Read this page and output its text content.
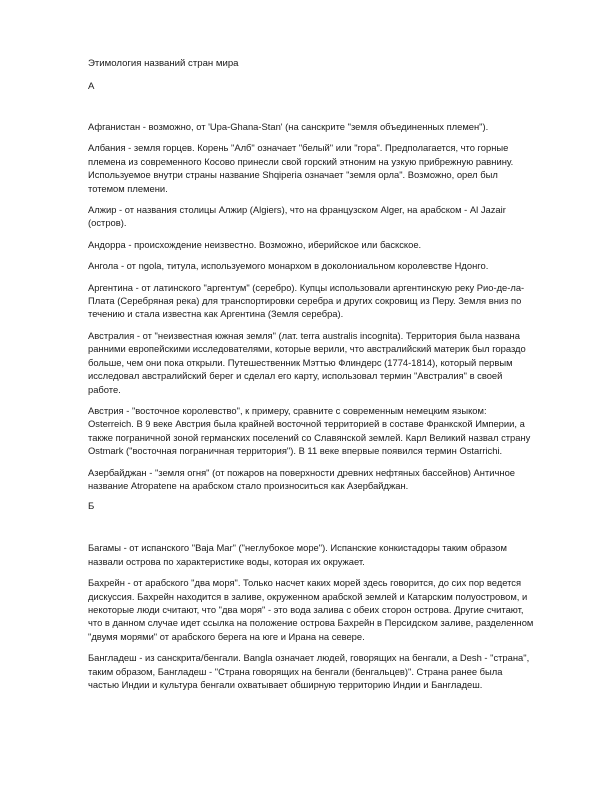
Этимология названий стран мира

А

Афганистан - возможно, от 'Upa-Ghana-Stan' (на санскрите "земля объединенных племен").

Албания - земля горцев. Корень "Алб" означает "белый" или "гора". Предполагается, что горные племена из современного Косово принесли свой горский этноним на узкую прибрежную равнину. Используемое внутри страны название Shqiperia означает "земля орла". Возможно, орел был тотемом племени.

Алжир - от названия столицы Алжир (Algiers), что на французском Alger, на арабском - Al Jazair (остров).

Андорра - происхождение неизвестно. Возможно, иберийское или баскское.

Ангола - от ngola, титула, используемого монархом в доколониальном королевстве Ндонго.

Аргентина - от латинского "аргентум" (серебро). Купцы использовали аргентинскую реку Рио-де-ла-Плата (Серебряная река) для транспортировки серебра и других сокровищ из Перу. Земля вниз по течению и стала известна как Аргентина (Земля серебра).

Австралия - от "неизвестная южная земля" (лат. terra australis incognita). Территория была названа ранними европейскими исследователями, которые верили, что австралийский материк был гораздо больше, чем они пока открыли. Путешественник Мэттью Флиндерс (1774-1814), который первым исследовал австралийский берег и сделал его карту, использовал термин "Австралия" в своей работе.

Австрия - "восточное королевство", к примеру, сравните с современным немецким языком: Osterreich. В 9 веке Австрия была крайней восточной территорией в составе Франкской Империи, а также пограничной зоной германских поселений со Славянской землей. Карл Великий назвал страну Ostmark ("восточная пограничная территория"). В 11 веке впервые появился термин Ostarrichi.

Азербайджан - "земля огня" (от пожаров на поверхности древних нефтяных бассейнов) Античное название Atropatene на арабском стало произноситься как Азербайджан.

Б

Багамы - от испанского "Baja Mar" ("неглубокое море"). Испанские конкистадоры таким образом назвали острова по характеристике воды, которая их окружает.

Бахрейн - от арабского "два моря". Только насчет каких морей здесь говорится, до сих пор ведется дискуссия. Бахрейн находится в заливе, окруженном арабской землей и Катарским полуостровом, и некоторые люди считают, что "два моря" - это вода залива с обеих сторон острова. Другие считают, что в данном случае идет ссылка на положение острова Бахрейн в Персидском заливе, разделенном "двумя морями" от арабского берега на юге и Ирана на севере.

Бангладеш - из санскрита/бенгали. Bangla означает людей, говорящих на бенгали, a Desh - "страна", таким образом, Бангладеш - "Страна говорящих на бенгали (бенгальцев)". Страна ранее была частью Индии и культура бенгали охватывает обширную территорию Индии и Бангладеш.
